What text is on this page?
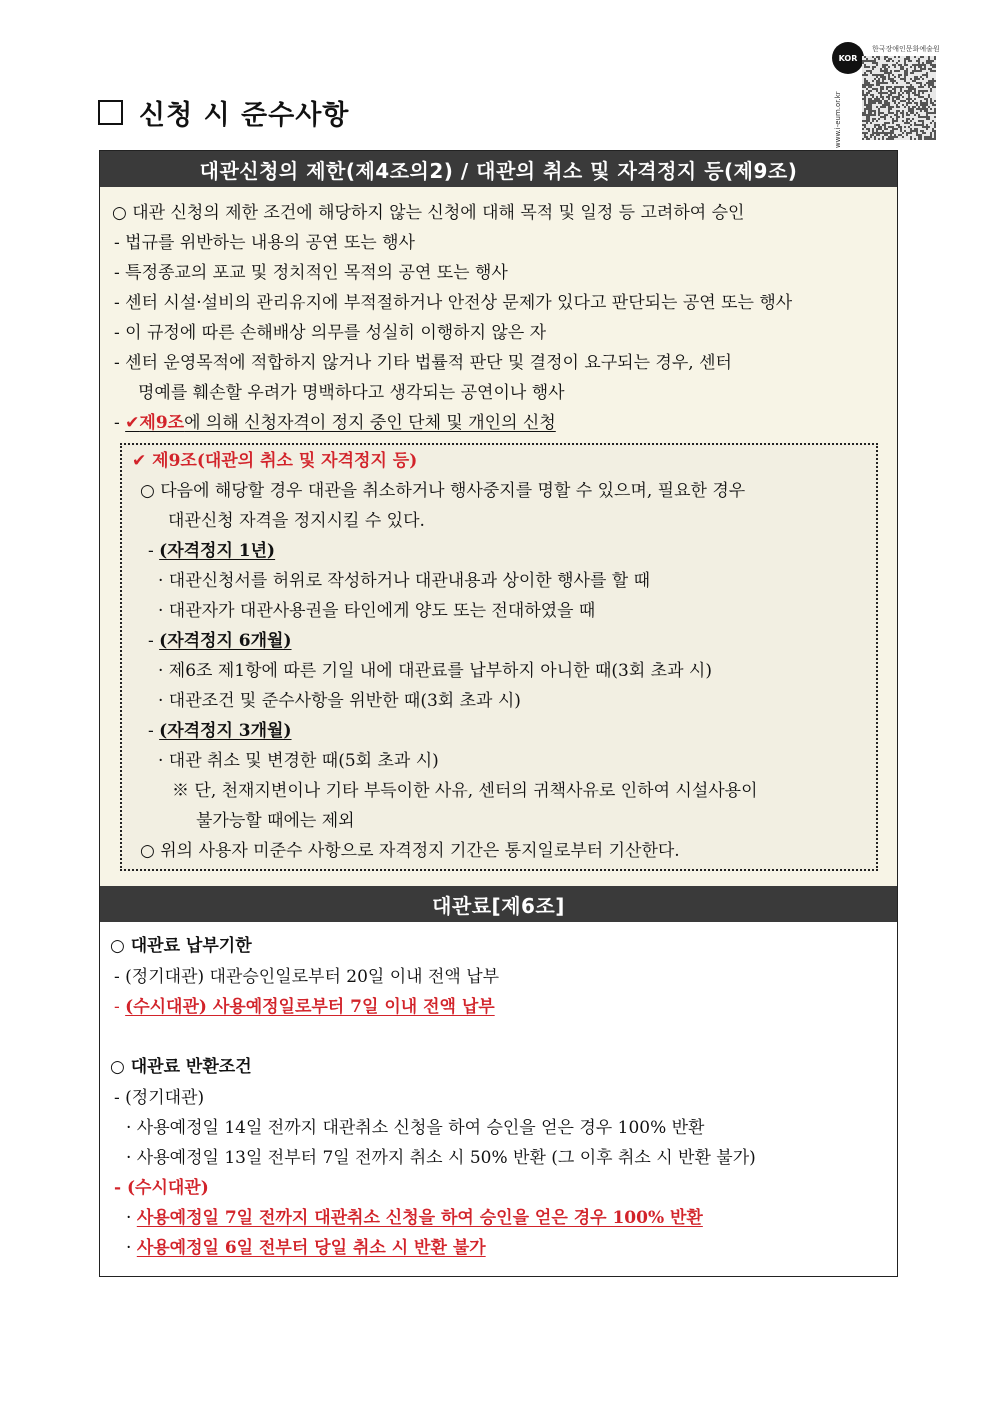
KOR
한국장애인문화예술원
www.i-eum.or.kr
신청 시 준수사항
대관신청의 제한(제4조의2) / 대관의 취소 및 자격정지 등(제9조)
○ 대관 신청의 제한 조건에 해당하지 않는 신청에 대해 목적 및 일정 등 고려하여 승인
- 법규를 위반하는 내용의 공연 또는 행사
- 특정종교의 포교 및 정치적인 목적의 공연 또는 행사
- 센터 시설·설비의 관리유지에 부적절하거나 안전상 문제가 있다고 판단되는 공연 또는 행사
- 이 규정에 따른 손해배상 의무를 성실히 이행하지 않은 자
- 센터 운영목적에 적합하지 않거나 기타 법률적 판단 및 결정이 요구되는 경우, 센터
명예를 훼손할 우려가 명백하다고 생각되는 공연이나 행사
- ✔제9조에 의해 신청자격이 정지 중인 단체 및 개인의 신청
✔ 제9조(대관의 취소 및 자격정지 등)
○ 다음에 해당할 경우 대관을 취소하거나 행사중지를 명할 수 있으며, 필요한 경우
대관신청 자격을 정지시킬 수 있다.
- (자격정지 1년)
· 대관신청서를 허위로 작성하거나 대관내용과 상이한 행사를 할 때
· 대관자가 대관사용권을 타인에게 양도 또는 전대하였을 때
- (자격정지 6개월)
· 제6조 제1항에 따른 기일 내에 대관료를 납부하지 아니한 때(3회 초과 시)
· 대관조건 및 준수사항을 위반한 때(3회 초과 시)
- (자격정지 3개월)
· 대관 취소 및 변경한 때(5회 초과 시)
※ 단, 천재지변이나 기타 부득이한 사유, 센터의 귀책사유로 인하여 시설사용이
불가능할 때에는 제외
○ 위의 사용자 미준수 사항으로 자격정지 기간은 통지일로부터 기산한다.
대관료[제6조]
○ 대관료 납부기한
- (정기대관) 대관승인일로부터 20일 이내 전액 납부
- (수시대관) 사용예정일로부터 7일 이내 전액 납부
○ 대관료 반환조건
- (정기대관)
· 사용예정일 14일 전까지 대관취소 신청을 하여 승인을 얻은 경우 100% 반환
· 사용예정일 13일 전부터 7일 전까지 취소 시 50% 반환 (그 이후 취소 시 반환 불가)
- (수시대관)
· 사용예정일 7일 전까지 대관취소 신청을 하여 승인을 얻은 경우 100% 반환
· 사용예정일 6일 전부터 당일 취소 시 반환 불가
